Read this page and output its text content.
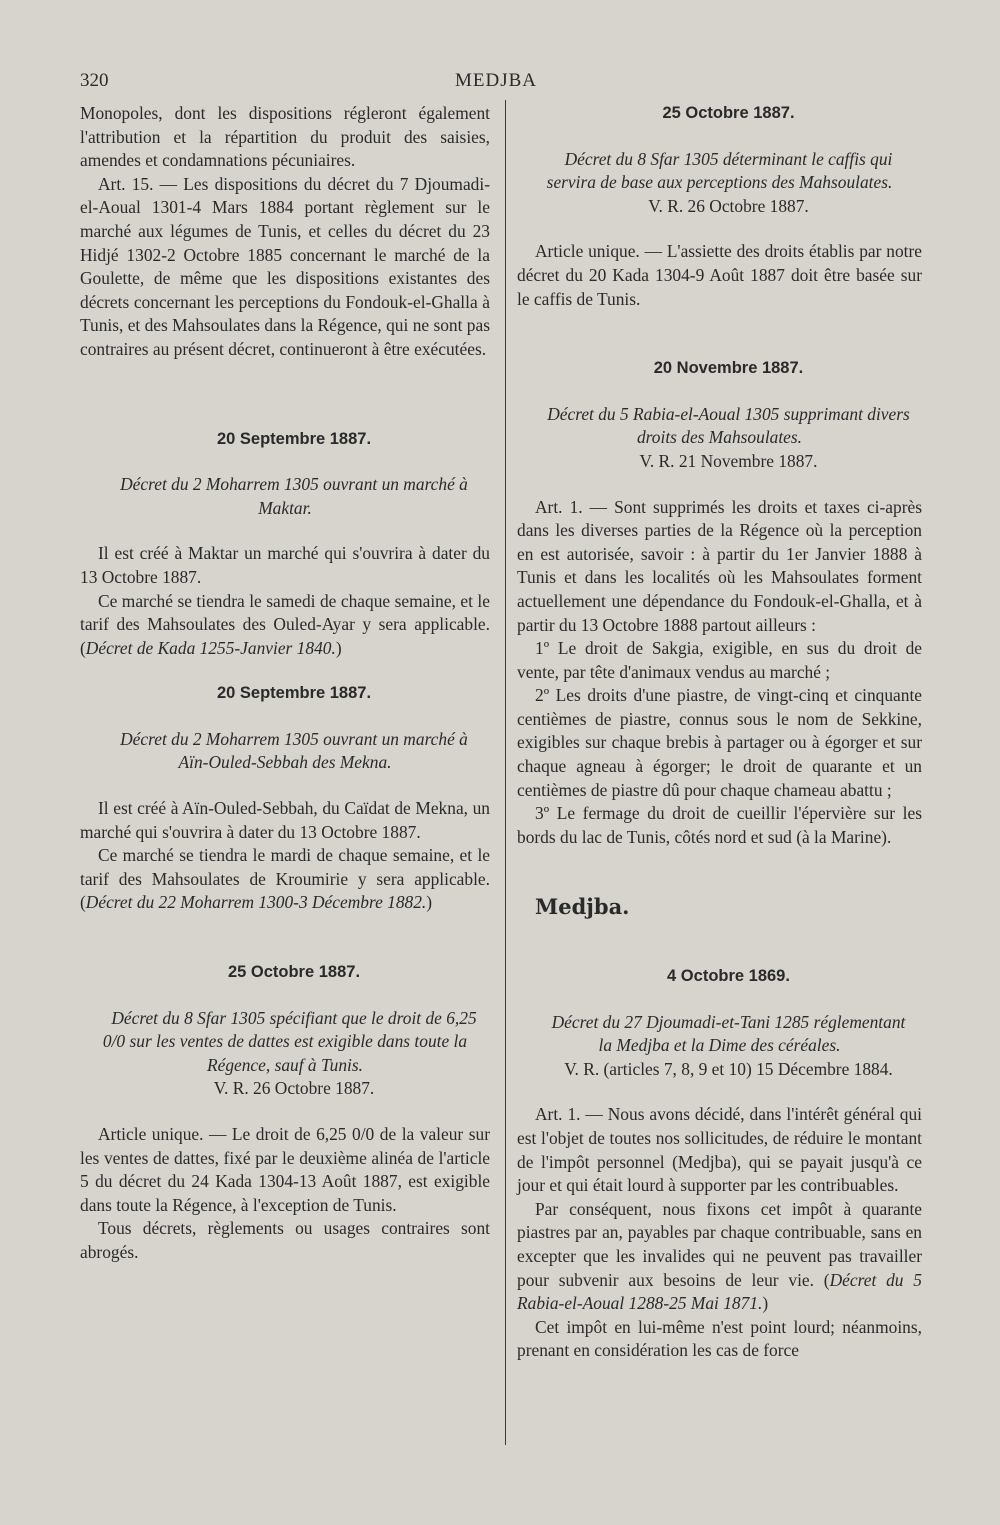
320	MEDJBA

Monopoles, dont les dispositions régleront également l'attribution et la répartition du produit des saisies, amendes et condamnations pécuniaires.

Art. 15. — Les dispositions du décret du 7 Djoumadi-el-Aoual 1301-4 Mars 1884 portant règlement sur le marché aux légumes de Tunis, et celles du décret du 23 Hidjé 1302-2 Octobre 1885 concernant le marché de la Goulette, de même que les dispositions existantes des décrets concernant les perceptions du Fondouk-el-Ghalla à Tunis, et des Mahsoulates dans la Régence, qui ne sont pas contraires au présent décret, continueront à être exécutées.

20 Septembre 1887.

Décret du 2 Moharrem 1305 ouvrant un marché à Maktar.

Il est créé à Maktar un marché qui s'ouvrira à dater du 13 Octobre 1887.

Ce marché se tiendra le samedi de chaque semaine, et le tarif des Mahsoulates des Ouled-Ayar y sera applicable. (Décret de Kada 1255-Janvier 1840.)

20 Septembre 1887.

Décret du 2 Moharrem 1305 ouvrant un marché à Aïn-Ouled-Sebbah des Mekna.

Il est créé à Aïn-Ouled-Sebbah, du Caïdat de Mekna, un marché qui s'ouvrira à dater du 13 Octobre 1887.

Ce marché se tiendra le mardi de chaque semaine, et le tarif des Mahsoulates de Kroumirie y sera applicable. (Décret du 22 Moharrem 1300-3 Décembre 1882.)

25 Octobre 1887.

Décret du 8 Sfar 1305 spécifiant que le droit de 6,25 0/0 sur les ventes de dattes est exigible dans toute la Régence, sauf à Tunis.

V. R. 26 Octobre 1887.

Article unique. — Le droit de 6,25 0/0 de la valeur sur les ventes de dattes, fixé par le deuxième alinéa de l'article 5 du décret du 24 Kada 1304-13 Août 1887, est exigible dans toute la Régence, à l'exception de Tunis.

Tous décrets, règlements ou usages contraires sont abrogés.

25 Octobre 1887.

Décret du 8 Sfar 1305 déterminant le caffis qui servira de base aux perceptions des Mahsoulates.

V. R. 26 Octobre 1887.

Article unique. — L'assiette des droits établis par notre décret du 20 Kada 1304-9 Août 1887 doit être basée sur le caffis de Tunis.

20 Novembre 1887.

Décret du 5 Rabia-el-Aoual 1305 supprimant divers droits des Mahsoulates.

V. R. 21 Novembre 1887.

Art. 1. — Sont supprimés les droits et taxes ci-après dans les diverses parties de la Régence où la perception en est autorisée, savoir : à partir du 1er Janvier 1888 à Tunis et dans les localités où les Mahsoulates forment actuellement une dépendance du Fondouk-el-Ghalla, et à partir du 13 Octobre 1888 partout ailleurs :

1º Le droit de Sakgia, exigible, en sus du droit de vente, par tête d'animaux vendus au marché ;

2º Les droits d'une piastre, de vingt-cinq et cinquante centièmes de piastre, connus sous le nom de Sekkine, exigibles sur chaque brebis à partager ou à égorger et sur chaque agneau à égorger; le droit de quarante et un centièmes de piastre dû pour chaque chameau abattu ;

3º Le fermage du droit de cueillir l'épervière sur les bords du lac de Tunis, côtés nord et sud (à la Marine).

Medjba.

4 Octobre 1869.

Décret du 27 Djoumadi-et-Tani 1285 réglementant la Medjba et la Dime des céréales.

V. R. (articles 7, 8, 9 et 10) 15 Décembre 1884.

Art. 1. — Nous avons décidé, dans l'intérêt général qui est l'objet de toutes nos sollicitudes, de réduire le montant de l'impôt personnel (Medjba), qui se payait jusqu'à ce jour et qui était lourd à supporter par les contribuables.

Par conséquent, nous fixons cet impôt à quarante piastres par an, payables par chaque contribuable, sans en excepter que les invalides qui ne peuvent pas travailler pour subvenir aux besoins de leur vie. (Décret du 5 Rabia-el-Aoual 1288-25 Mai 1871.)

Cet impôt en lui-même n'est point lourd; néanmoins, prenant en considération les cas de force
